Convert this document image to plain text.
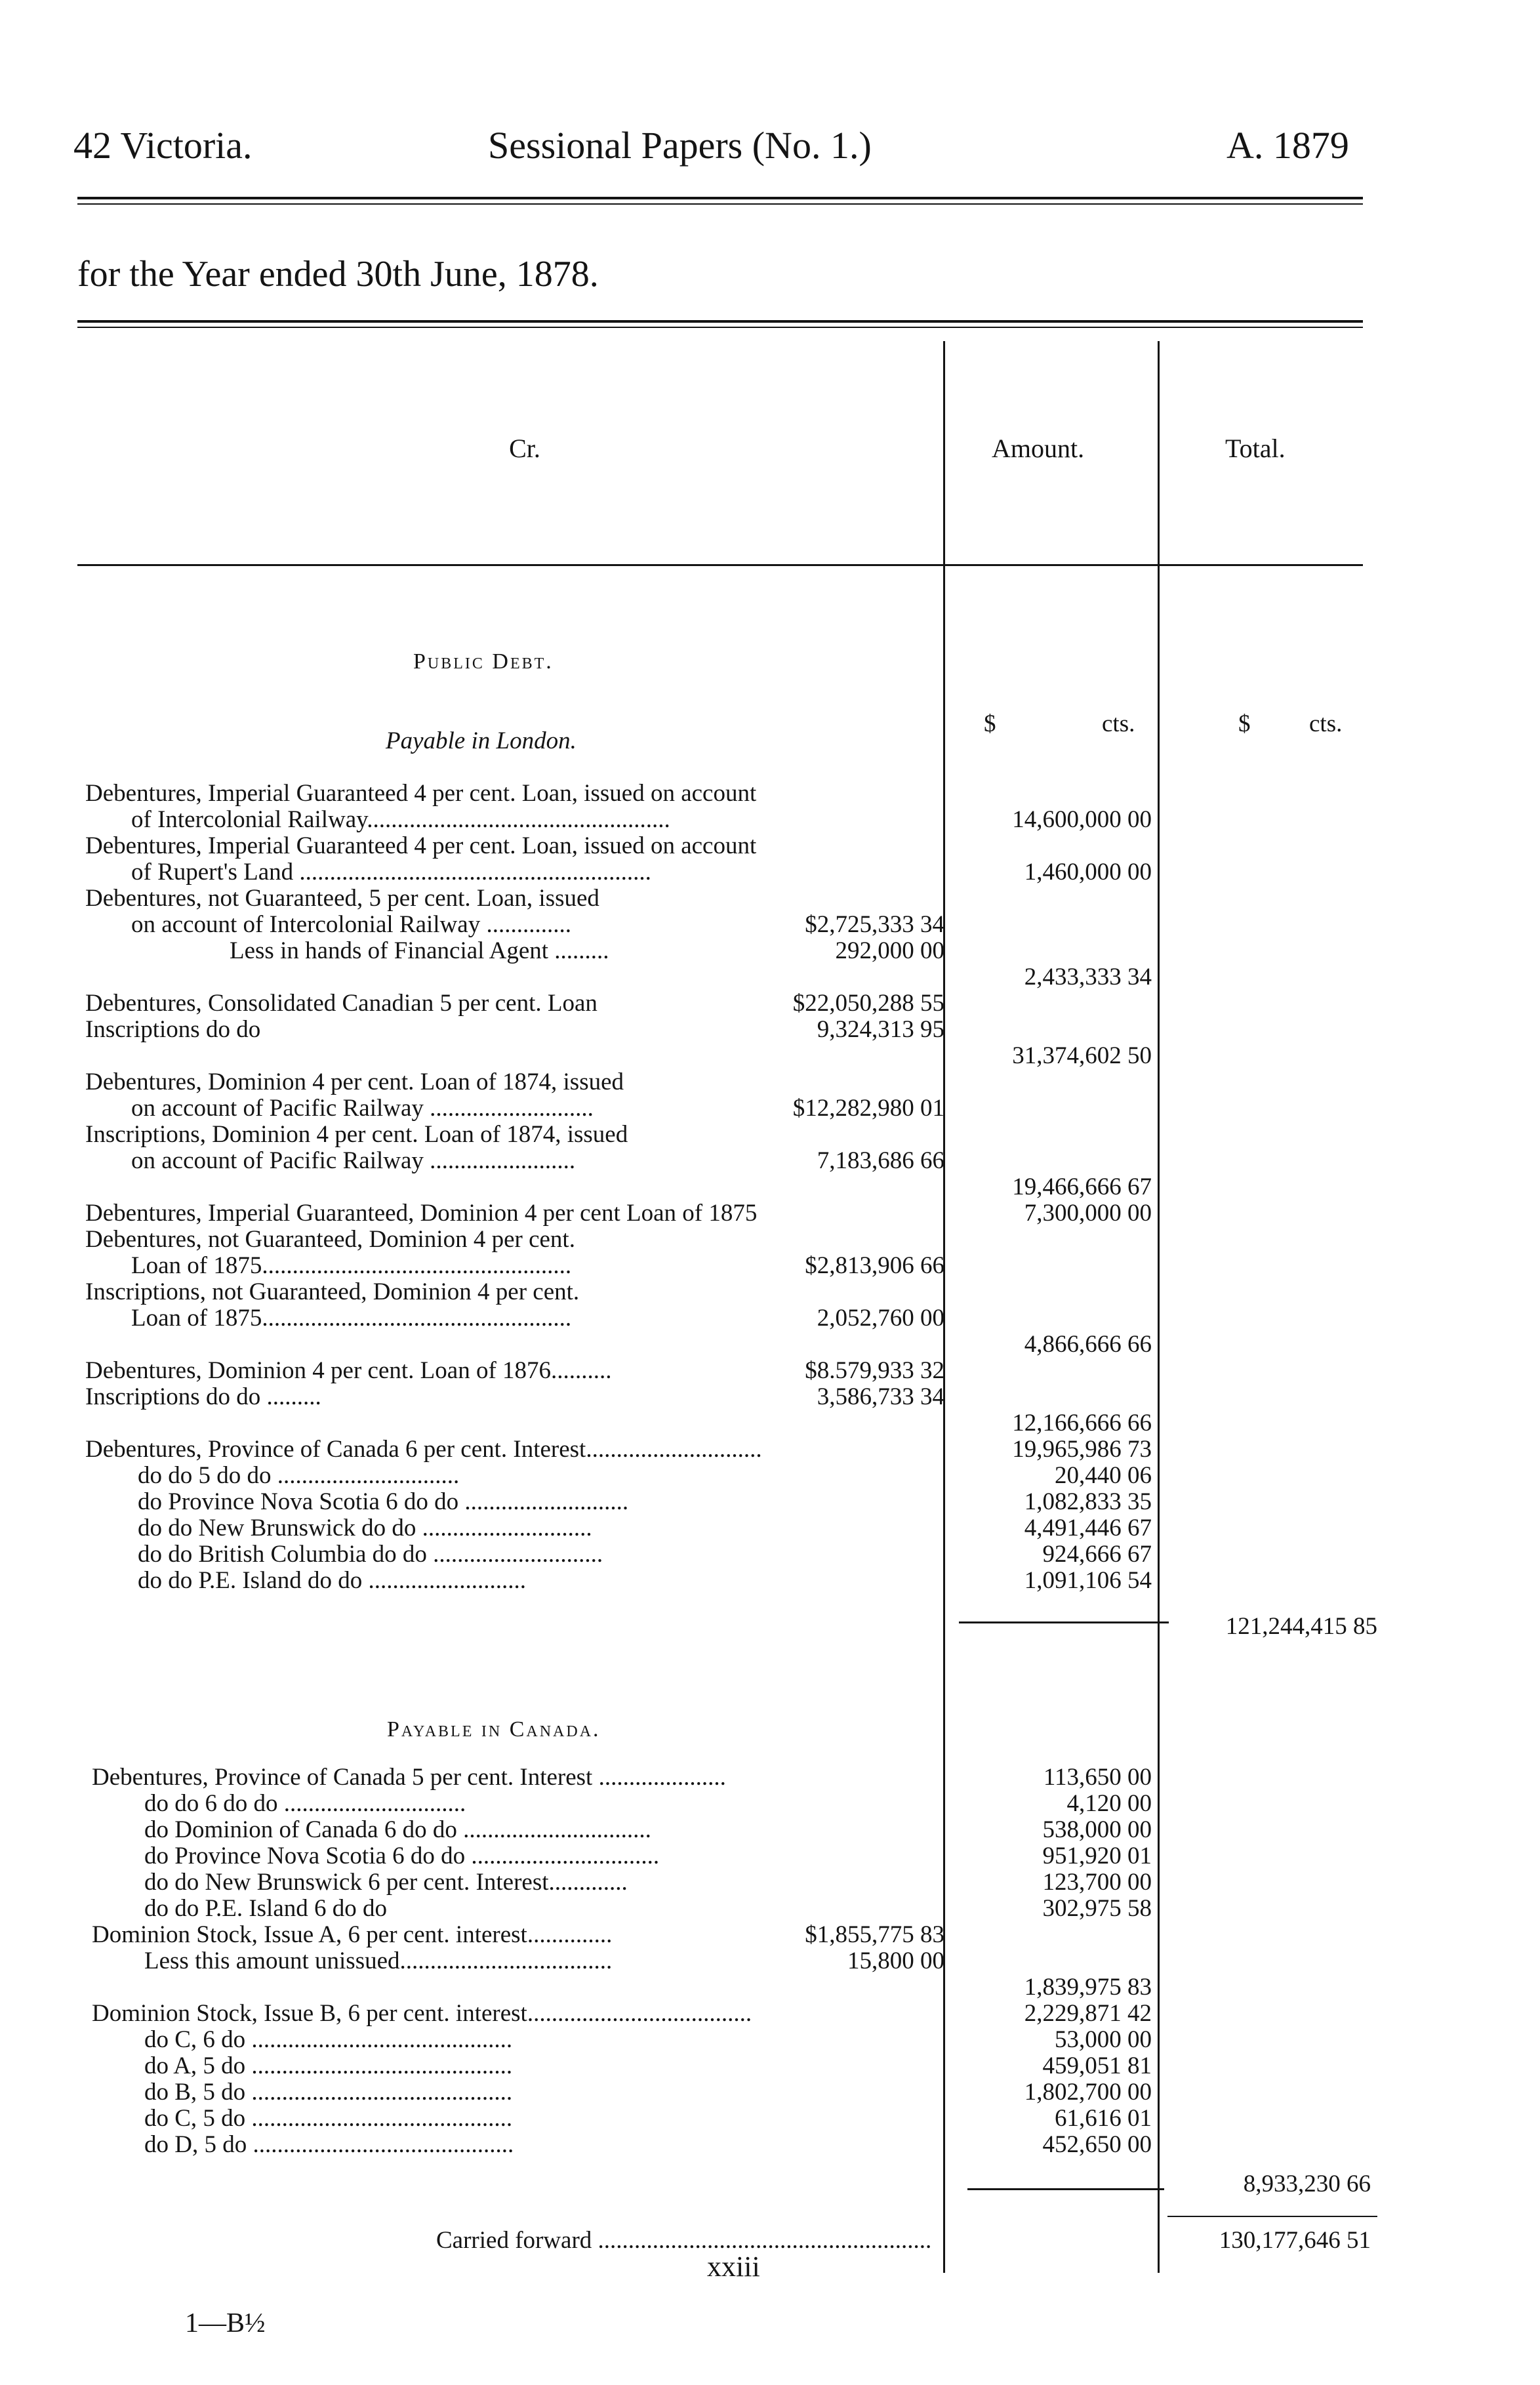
42 Victoria.	Sessional Papers (No. 1.)	A. 1879
for the Year ended 30th June, 1878.
Cr.	Amount.	Total.
Public Debt.
Payable in London.
$	cts.	$ cts.
Debentures, Imperial Guaranteed 4 per cent. Loan, issued on account
of Intercolonial Railway..................................................	14,600,000 00
Debentures, Imperial Guaranteed 4 per cent. Loan, issued on account
of Rupert's Land ..........................................................	1,460,000 00
Debentures, not Guaranteed, 5 per cent. Loan, issued
on account of Intercolonial Railway ..............	$2,725,333 34
Less in hands of Financial Agent .........	292,000 00
2,433,333 34
Debentures, Consolidated Canadian 5 per cent. Loan	$22,050,288 55
Inscriptions do do	9,324,313 95
31,374,602 50
Debentures, Dominion 4 per cent. Loan of 1874, issued
on account of Pacific Railway ...........................	$12,282,980 01
Inscriptions, Dominion 4 per cent. Loan of 1874, issued
on account of Pacific Railway ........................	7,183,686 66
19,466,666 67
Debentures, Imperial Guaranteed, Dominion 4 per cent Loan of 1875	7,300,000 00
Debentures, not Guaranteed, Dominion 4 per cent.
Loan of 1875...................................................	$2,813,906 66
Inscriptions, not Guaranteed, Dominion 4 per cent.
Loan of 1875...................................................	2,052,760 00
4,866,666 66
Debentures, Dominion 4 per cent. Loan of 1876..........	$8.579,933 32
Inscriptions do do .........	3,586,733 34
12,166,666 66
Debentures, Province of Canada 6 per cent. Interest.............................	19,965,986 73
do do 5 do do ..............................	20,440 06
do Province Nova Scotia 6 do do ...........................	1,082,833 35
do do New Brunswick do do ............................	4,491,446 67
do do British Columbia do do ............................	924,666 67
do do P.E. Island do do ..........................	1,091,106 54
121,244,415 85
Payable in Canada.
Debentures, Province of Canada 5 per cent. Interest .....................	113,650 00
do do 6 do do ..............................	4,120 00
do Dominion of Canada 6 do do ...............................	538,000 00
do Province Nova Scotia 6 do do ...............................	951,920 01
do do New Brunswick 6 per cent. Interest.............	123,700 00
do do P.E. Island 6 do do	302,975 58
Dominion Stock, Issue A, 6 per cent. interest..............	$1,855,775 83
Less this amount unissued...................................	15,800 00
1,839,975 83
Dominion Stock, Issue B, 6 per cent. interest.....................................	2,229,871 42
do C, 6 do ...........................................	53,000 00
do A, 5 do ...........................................	459,051 81
do B, 5 do ...........................................	1,802,700 00
do C, 5 do ...........................................	61,616 01
do D, 5 do ...........................................	452,650 00
8,933,230 66
Carried forward .......................................................	130,177,646 51
xxiii
1—B½
